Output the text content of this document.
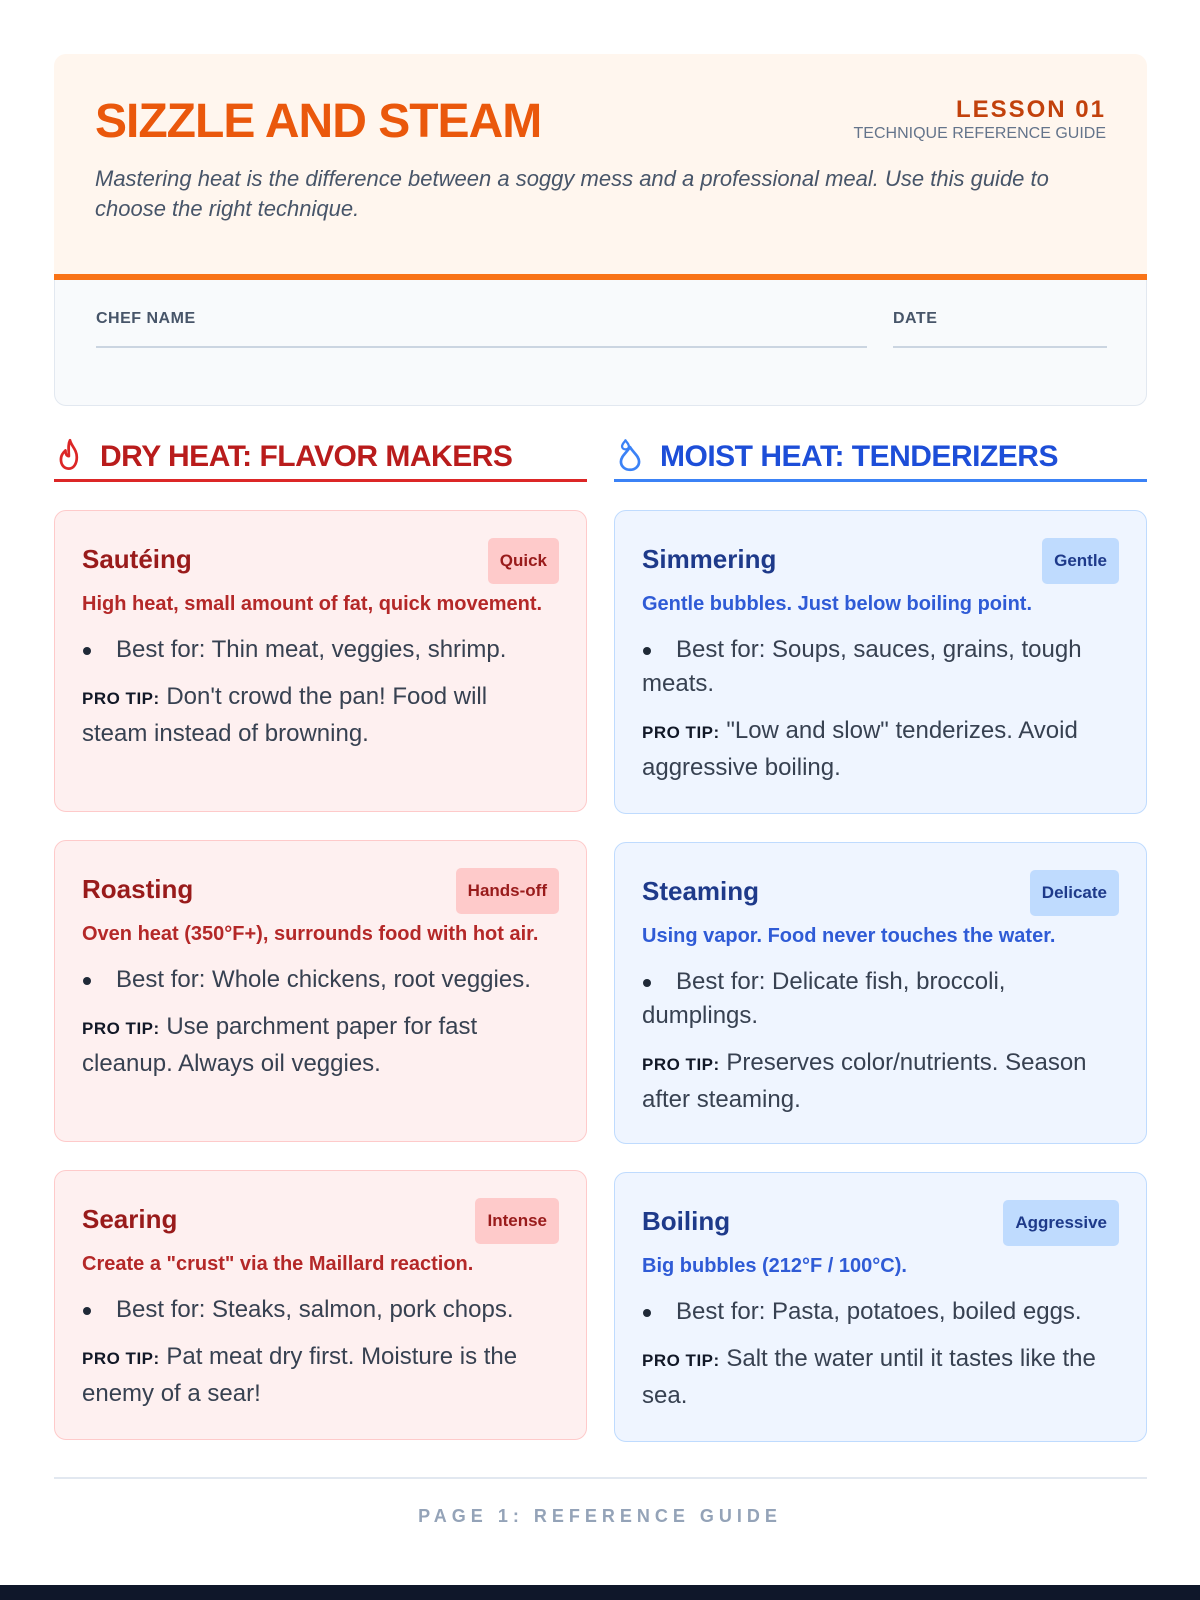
SIZZLE AND STEAM	LESSON 01
TECHNIQUE REFERENCE GUIDE

Mastering heat is the difference between a soggy mess and a professional meal. Use this guide to choose the right technique.

CHEF NAME	DATE
DRY HEAT: FLAVOR MAKERS
Sautéing	Quick

High heat, small amount of fat, quick movement.

Best for: Thin meat, veggies, shrimp.

PRO TIP: Don't crowd the pan! Food will steam instead of browning.

Roasting	Hands-off

Oven heat (350°F+), surrounds food with hot air.

Best for: Whole chickens, root veggies.

PRO TIP: Use parchment paper for fast cleanup. Always oil veggies.

Searing	Intense

Create a "crust" via the Maillard reaction.

Best for: Steaks, salmon, pork chops.

PRO TIP: Pat meat dry first. Moisture is the enemy of a sear!

MOIST HEAT: TENDERIZERS
Simmering	Gentle

Gentle bubbles. Just below boiling point.

Best for: Soups, sauces, grains, tough meats.

PRO TIP: "Low and slow" tenderizes. Avoid aggressive boiling.

Steaming	Delicate

Using vapor. Food never touches the water.

Best for: Delicate fish, broccoli, dumplings.

PRO TIP: Preserves color/nutrients. Season after steaming.

Boiling	Aggressive

Big bubbles (212°F / 100°C).

Best for: Pasta, potatoes, boiled eggs.

PRO TIP: Salt the water until it tastes like the sea.

PAGE 1: REFERENCE GUIDE
